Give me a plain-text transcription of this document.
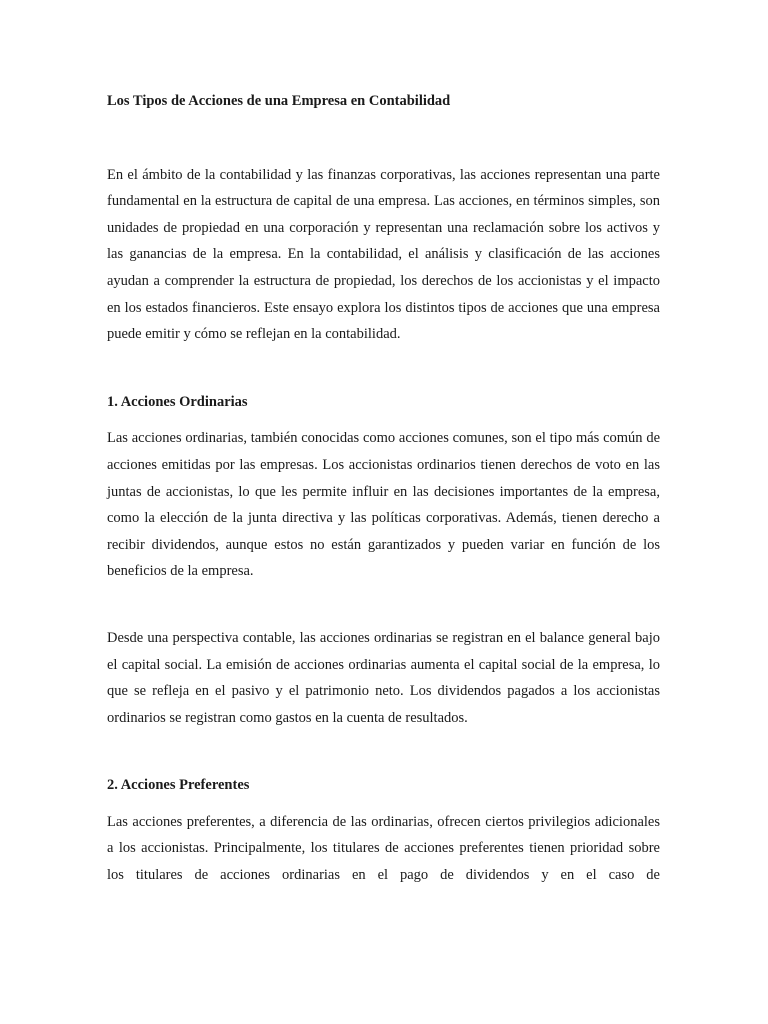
Los Tipos de Acciones de una Empresa en Contabilidad

En el ámbito de la contabilidad y las finanzas corporativas, las acciones representan una parte fundamental en la estructura de capital de una empresa. Las acciones, en términos simples, son unidades de propiedad en una corporación y representan una reclamación sobre los activos y las ganancias de la empresa. En la contabilidad, el análisis y clasificación de las acciones ayudan a comprender la estructura de propiedad, los derechos de los accionistas y el impacto en los estados financieros. Este ensayo explora los distintos tipos de acciones que una empresa puede emitir y cómo se reflejan en la contabilidad.

1. Acciones Ordinarias

Las acciones ordinarias, también conocidas como acciones comunes, son el tipo más común de acciones emitidas por las empresas. Los accionistas ordinarios tienen derechos de voto en las juntas de accionistas, lo que les permite influir en las decisiones importantes de la empresa, como la elección de la junta directiva y las políticas corporativas. Además, tienen derecho a recibir dividendos, aunque estos no están garantizados y pueden variar en función de los beneficios de la empresa.

Desde una perspectiva contable, las acciones ordinarias se registran en el balance general bajo el capital social. La emisión de acciones ordinarias aumenta el capital social de la empresa, lo que se refleja en el pasivo y el patrimonio neto. Los dividendos pagados a los accionistas ordinarios se registran como gastos en la cuenta de resultados.

2. Acciones Preferentes

Las acciones preferentes, a diferencia de las ordinarias, ofrecen ciertos privilegios adicionales a los accionistas. Principalmente, los titulares de acciones preferentes tienen prioridad sobre los titulares de acciones ordinarias en el pago de dividendos y en el caso de
